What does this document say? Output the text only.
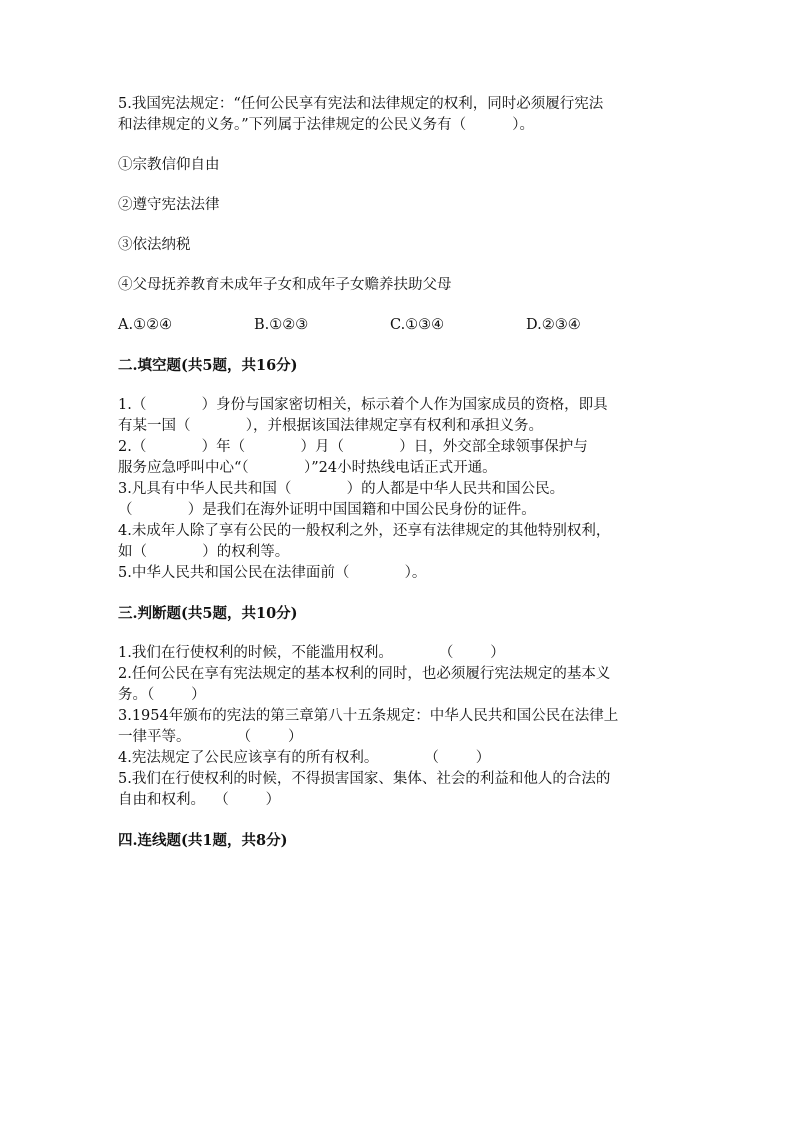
5.我国宪法规定：“任何公民享有宪法和法律规定的权利，同时必须履行宪法

和法律规定的义务。”下列属于法律规定的公民义务有（          ）。

①宗教信仰自由

②遵守宪法法律

③依法纳税

④父母抚养教育未成年子女和成年子女赡养扶助父母

A.①②④	B.①②③	C.①③④	D.②③④

二.填空题(共5题，共16分)

1.（            ）身份与国家密切相关，标示着个人作为国家成员的资格，即具

有某一国（            ），并根据该国法律规定享有权利和承担义务。

2.（            ）年（            ）月（            ）日，外交部全球领事保护与

服务应急呼叫中心“（            ）”24小时热线电话正式开通。

3.凡具有中华人民共和国（            ）的人都是中华人民共和国公民。

（            ）是我们在海外证明中国国籍和中国公民身份的证件。

4.未成年人除了享有公民的一般权利之外，还享有法律规定的其他特别权利，

如（            ）的权利等。

5.中华人民共和国公民在法律面前（            ）。

三.判断题(共5题，共10分)

1.我们在行使权利的时候，不能滥用权利。          （        ）

2.任何公民在享有宪法规定的基本权利的同时，也必须履行宪法规定的基本义

务。（        ）

3.1954年颁布的宪法的第三章第八十五条规定：中华人民共和国公民在法律上

一律平等。          （        ）

4.宪法规定了公民应该享有的所有权利。          （        ）

5.我们在行使权利的时候，不得损害国家、集体、社会的利益和他人的合法的

自由和权利。  （        ）

四.连线题(共1题，共8分)
